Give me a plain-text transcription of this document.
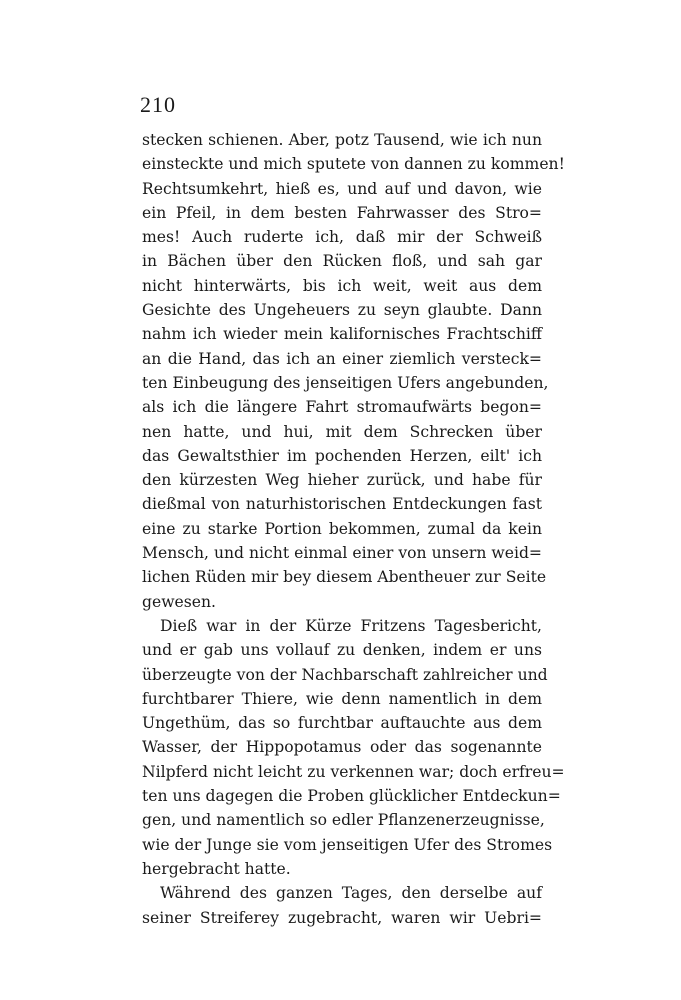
210
stecken schienen. Aber, potz Tausend, wie ich nun
einsteckte und mich sputete von dannen zu kommen!
Rechtsumkehrt, hieß es, und auf und davon, wie
ein Pfeil, in dem besten Fahrwasser des Stro=
mes! Auch ruderte ich, daß mir der Schweiß
in Bächen über den Rücken floß, und sah gar
nicht hinterwärts, bis ich weit, weit aus dem
Gesichte des Ungeheuers zu seyn glaubte. Dann
nahm ich wieder mein kalifornisches Frachtschiff
an die Hand, das ich an einer ziemlich versteck=
ten Einbeugung des jenseitigen Ufers angebunden,
als ich die längere Fahrt stromaufwärts begon=
nen hatte, und hui, mit dem Schrecken über
das Gewaltsthier im pochenden Herzen, eilt' ich
den kürzesten Weg hieher zurück, und habe für
dießmal von naturhistorischen Entdeckungen fast
eine zu starke Portion bekommen, zumal da kein
Mensch, und nicht einmal einer von unsern weid=
lichen Rüden mir bey diesem Abentheuer zur Seite
gewesen.
Dieß war in der Kürze Fritzens Tagesbericht,
und er gab uns vollauf zu denken, indem er uns
überzeugte von der Nachbarschaft zahlreicher und
furchtbarer Thiere, wie denn namentlich in dem
Ungethüm, das so furchtbar auftauchte aus dem
Wasser, der Hippopotamus oder das sogenannte
Nilpferd nicht leicht zu verkennen war; doch erfreu=
ten uns dagegen die Proben glücklicher Entdeckun=
gen, und namentlich so edler Pflanzenerzeugnisse,
wie der Junge sie vom jenseitigen Ufer des Stromes
hergebracht hatte.
Während des ganzen Tages, den derselbe auf
seiner Streiferey zugebracht, waren wir Uebri=
